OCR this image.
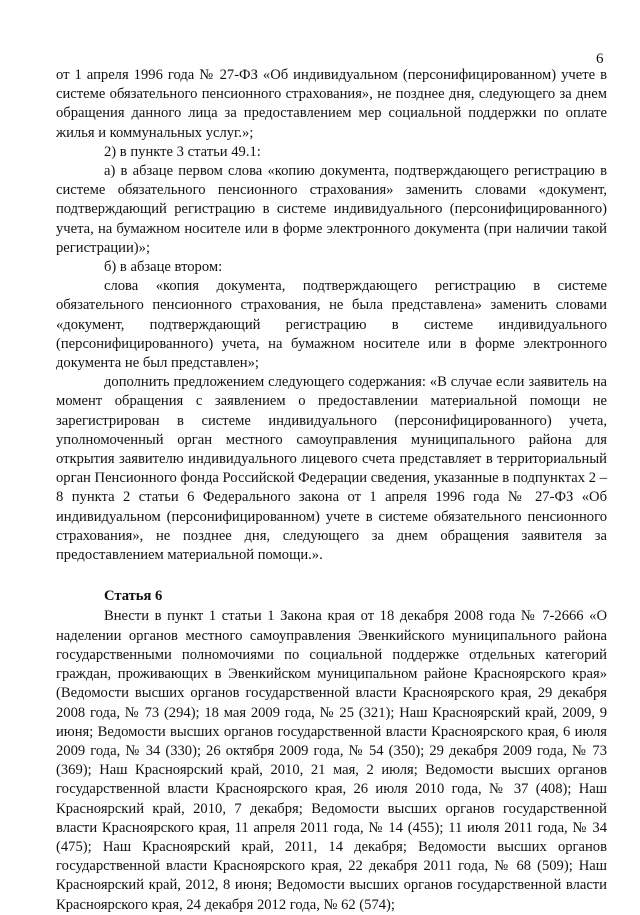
6

от 1 апреля 1996 года № 27-ФЗ «Об индивидуальном (персонифицированном) учете в системе обязательного пенсионного страхования», не позднее дня, следующего за днем обращения данного лица за предоставлением мер социальной поддержки по оплате жилья и коммунальных услуг.»;

2) в пункте 3 статьи 49.1:

а) в абзаце первом слова «копию документа, подтверждающего регистрацию в системе обязательного пенсионного страхования» заменить словами «документ, подтверждающий регистрацию в системе индивидуального (персонифицированного) учета, на бумажном носителе или в форме электронного документа (при наличии такой регистрации)»;

б) в абзаце втором:

слова «копия документа, подтверждающего регистрацию в системе обязательного пенсионного страхования, не была представлена» заменить словами «документ, подтверждающий регистрацию в системе индивидуального (персонифицированного) учета, на бумажном носителе или в форме электронного документа не был представлен»;

дополнить предложением следующего содержания: «В случае если заявитель на момент обращения с заявлением о предоставлении материальной помощи не зарегистрирован в системе индивидуального (персонифицированного) учета, уполномоченный орган местного самоуправления муниципального района для открытия заявителю индивидуального лицевого счета представляет в территориальный орган Пенсионного фонда Российской Федерации сведения, указанные в подпунктах 2 – 8 пункта 2 статьи 6 Федерального закона от 1 апреля 1996 года № 27-ФЗ «Об индивидуальном (персонифицированном) учете в системе обязательного пенсионного страхования», не позднее дня, следующего за днем обращения заявителя за предоставлением материальной помощи.».

Статья 6

Внести в пункт 1 статьи 1 Закона края от 18 декабря 2008 года № 7-2666 «О наделении органов местного самоуправления Эвенкийского муниципального района государственными полномочиями по социальной поддержке отдельных категорий граждан, проживающих в Эвенкийском муниципальном районе Красноярского края» (Ведомости высших органов государственной власти Красноярского края, 29 декабря 2008 года, № 73 (294); 18 мая 2009 года, № 25 (321); Наш Красноярский край, 2009, 9 июня; Ведомости высших органов государственной власти Красноярского края, 6 июля 2009 года, № 34 (330); 26 октября 2009 года, № 54 (350); 29 декабря 2009 года, № 73 (369); Наш Красноярский край, 2010, 21 мая, 2 июля; Ведомости высших органов государственной власти Красноярского края, 26 июля 2010 года, № 37 (408); Наш Красноярский край, 2010, 7 декабря; Ведомости высших органов государственной власти Красноярского края, 11 апреля 2011 года, № 14 (455); 11 июля 2011 года, № 34 (475); Наш Красноярский край, 2011, 14 декабря; Ведомости высших органов государственной власти Красноярского края, 22 декабря 2011 года, № 68 (509); Наш Красноярский край, 2012, 8 июня; Ведомости высших органов государственной власти Красноярского края, 24 декабря 2012 года, № 62 (574);
